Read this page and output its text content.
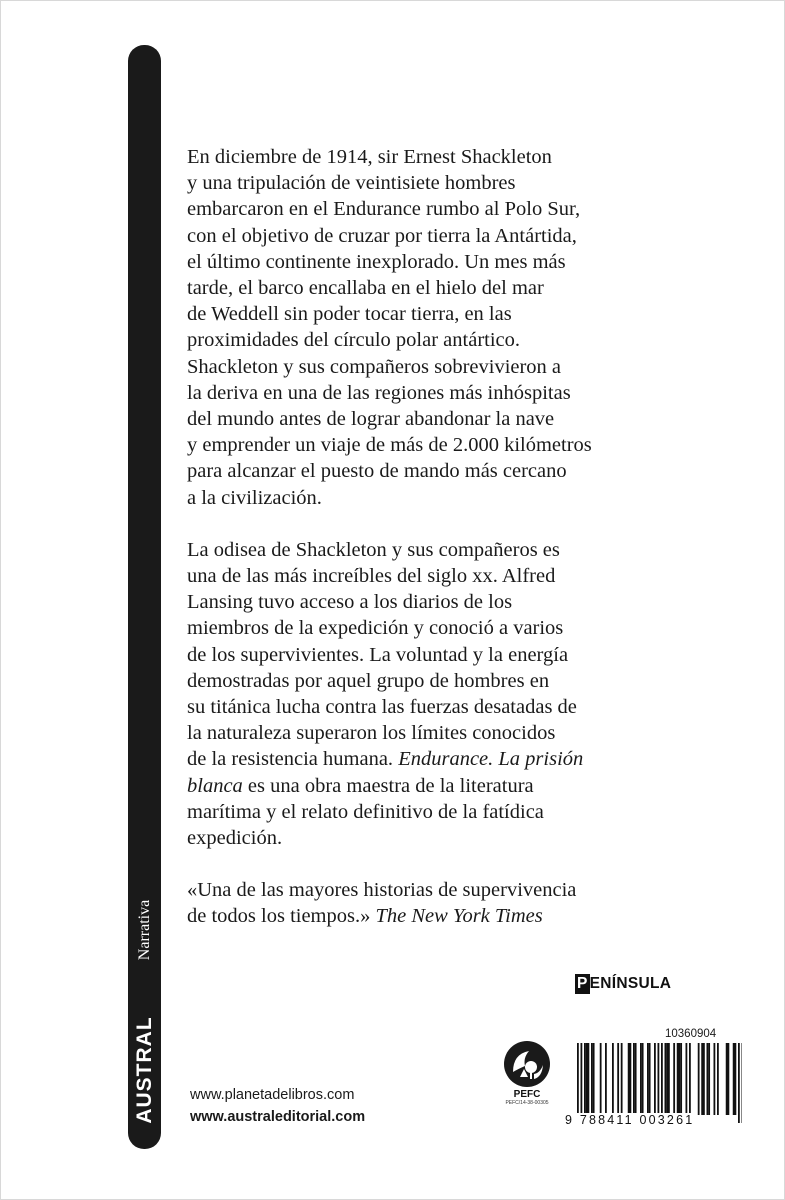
AUSTRAL
Narrativa

En diciembre de 1914, sir Ernest Shackleton
y una tripulación de veintisiete hombres
embarcaron en el Endurance rumbo al Polo Sur,
con el objetivo de cruzar por tierra la Antártida,
el último continente inexplorado. Un mes más
tarde, el barco encallaba en el hielo del mar
de Weddell sin poder tocar tierra, en las
proximidades del círculo polar antártico.
Shackleton y sus compañeros sobrevivieron a
la deriva en una de las regiones más inhóspitas
del mundo antes de lograr abandonar la nave
y emprender un viaje de más de 2.000 kilómetros
para alcanzar el puesto de mando más cercano
a la civilización.

La odisea de Shackleton y sus compañeros es
una de las más increíbles del siglo xx. Alfred
Lansing tuvo acceso a los diarios de los
miembros de la expedición y conoció a varios
de los supervivientes. La voluntad y la energía
demostradas por aquel grupo de hombres en
su titánica lucha contra las fuerzas desatadas de
la naturaleza superaron los límites conocidos
de la resistencia humana. Endurance. La prisión
blanca es una obra maestra de la literatura
marítima y el relato definitivo de la fatídica
expedición.

«Una de las mayores historias de supervivencia
de todos los tiempos.» The New York Times

P ENÍNSULA
www.planetadelibros.com
www.australeditorial.com
PEFC
PEFC/14-38-00305
10360904
9 788411 003261
